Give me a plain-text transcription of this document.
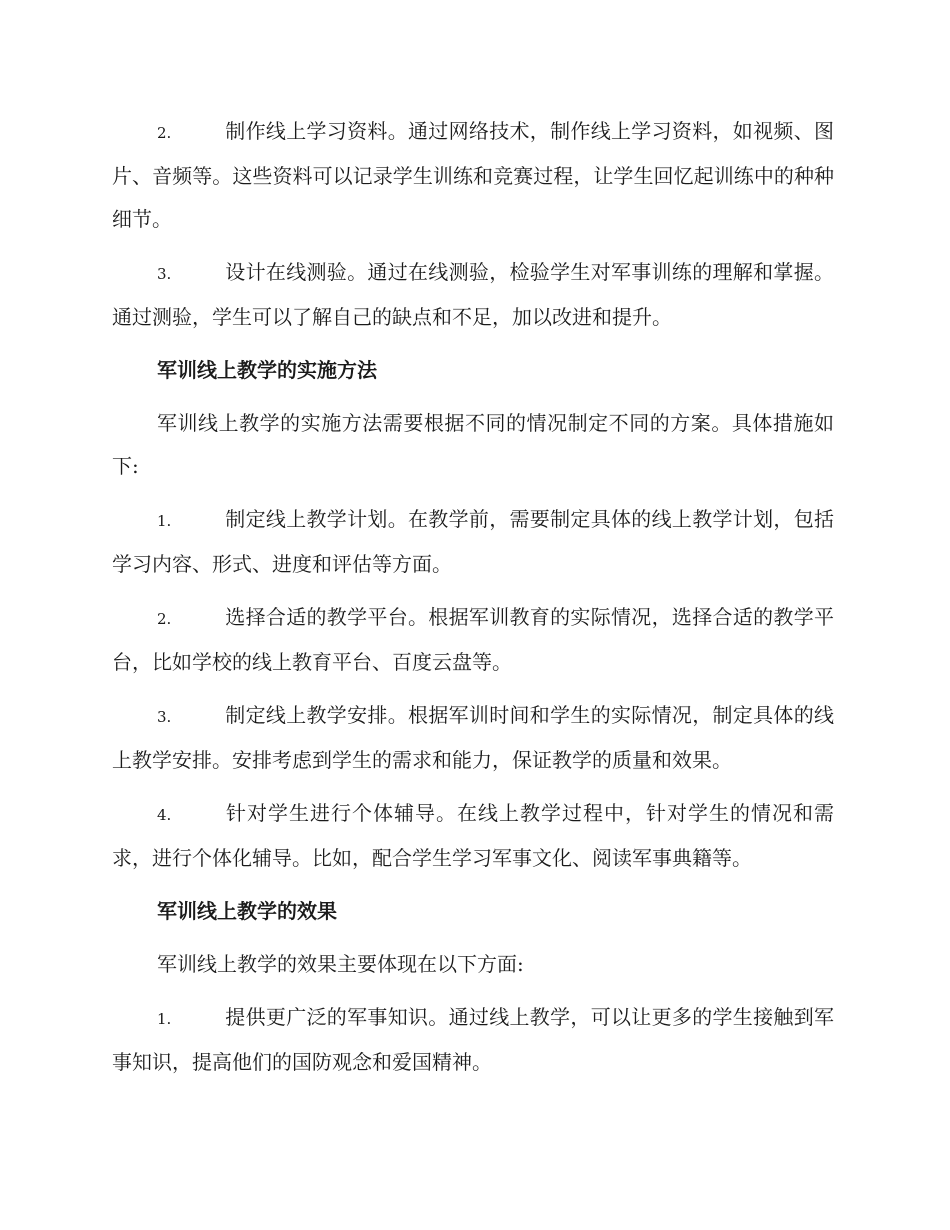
2.	制作线上学习资料。通过网络技术，制作线上学习资料，如视频、图片、音频等。这些资料可以记录学生训练和竞赛过程，让学生回忆起训练中的种种细节。

3.	设计在线测验。通过在线测验，检验学生对军事训练的理解和掌握。通过测验，学生可以了解自己的缺点和不足，加以改进和提升。

军训线上教学的实施方法

军训线上教学的实施方法需要根据不同的情况制定不同的方案。具体措施如下:

1.	制定线上教学计划。在教学前，需要制定具体的线上教学计划，包括学习内容、形式、进度和评估等方面。

2.	选择合适的教学平台。根据军训教育的实际情况，选择合适的教学平台，比如学校的线上教育平台、百度云盘等。

3.	制定线上教学安排。根据军训时间和学生的实际情况，制定具体的线上教学安排。安排考虑到学生的需求和能力，保证教学的质量和效果。

4.	针对学生进行个体辅导。在线上教学过程中，针对学生的情况和需求，进行个体化辅导。比如，配合学生学习军事文化、阅读军事典籍等。

军训线上教学的效果

军训线上教学的效果主要体现在以下方面:

1.	提供更广泛的军事知识。通过线上教学，可以让更多的学生接触到军事知识，提高他们的国防观念和爱国精神。
